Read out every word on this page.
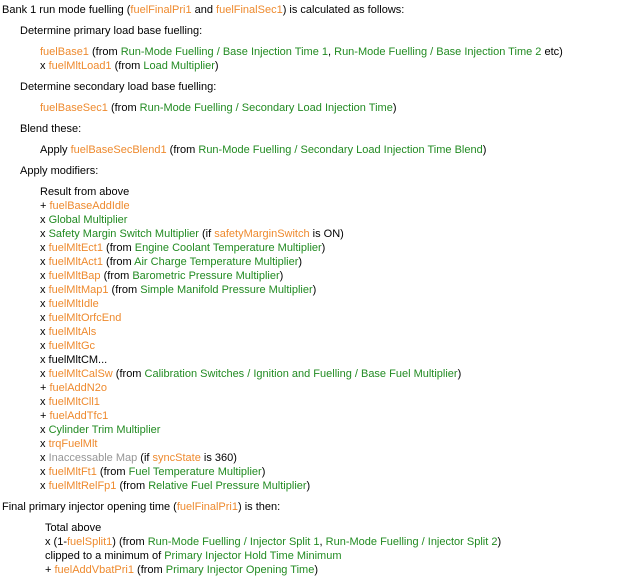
Bank 1 run mode fuelling (fuelFinalPri1 and fuelFinalSec1) is calculated as follows:
Determine primary load base fuelling:
fuelBase1 (from Run-Mode Fuelling / Base Injection Time 1, Run-Mode Fuelling / Base Injection Time 2 etc)
x fuelMltLoad1 (from Load Multiplier)
Determine secondary load base fuelling:
fuelBaseSec1 (from Run-Mode Fuelling / Secondary Load Injection Time)
Blend these:
Apply fuelBaseSecBlend1 (from Run-Mode Fuelling / Secondary Load Injection Time Blend)
Apply modifiers:
Result from above
+ fuelBaseAddIdle
x Global Multiplier
x Safety Margin Switch Multiplier (if safetyMarginSwitch is ON)
x fuelMltEct1 (from Engine Coolant Temperature Multiplier)
x fuelMltAct1 (from Air Charge Temperature Multiplier)
x fuelMltBap (from Barometric Pressure Multiplier)
x fuelMltMap1 (from Simple Manifold Pressure Multiplier)
x fuelMltIdle
x fuelMltOrfcEnd
x fuelMltAls
x fuelMltGc
x fuelMltCM...
x fuelMltCalSw (from Calibration Switches / Ignition and Fuelling / Base Fuel Multiplier)
+ fuelAddN2o
x fuelMltCll1
+ fuelAddTfc1
x Cylinder Trim Multiplier
x trqFuelMlt
x Inaccessable Map (if syncState is 360)
x fuelMltFt1 (from Fuel Temperature Multiplier)
x fuelMltRelFp1 (from Relative Fuel Pressure Multiplier)
Final primary injector opening time (fuelFinalPri1) is then:
Total above
x (1-fuelSplit1) (from Run-Mode Fuelling / Injector Split 1, Run-Mode Fuelling / Injector Split 2)
clipped to a minimum of Primary Injector Hold Time Minimum
+ fuelAddVbatPri1 (from Primary Injector Opening Time)
